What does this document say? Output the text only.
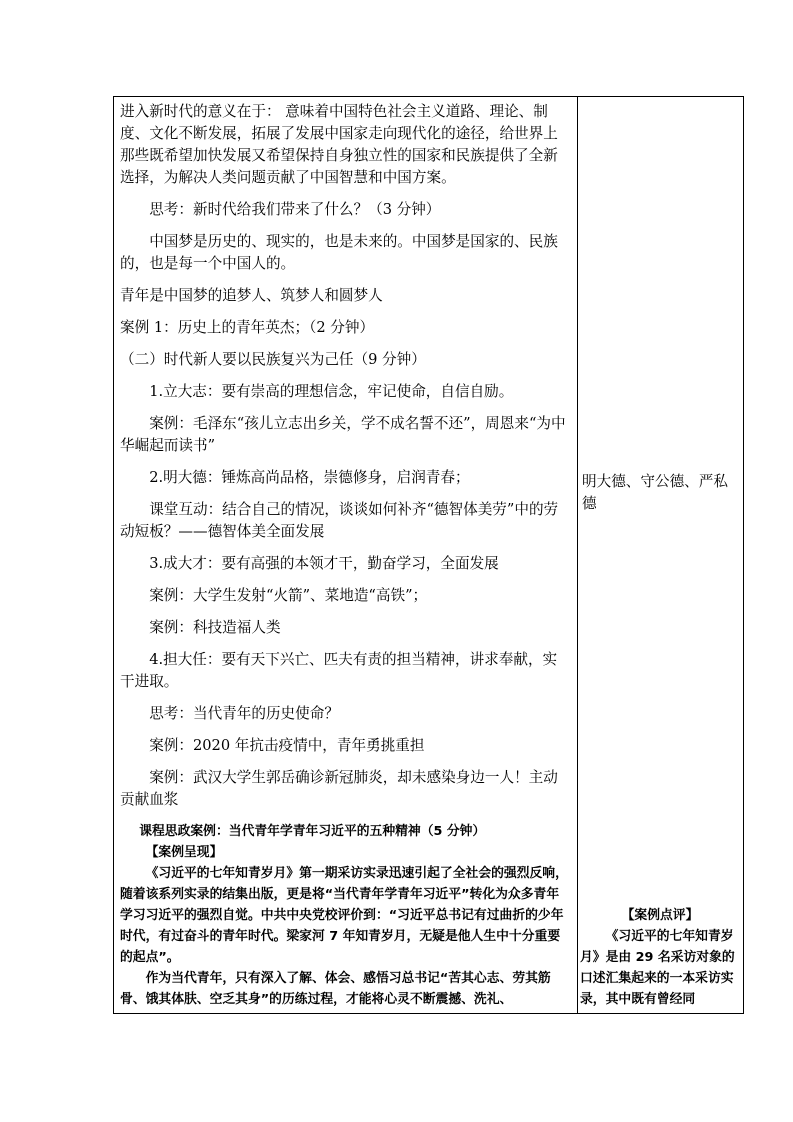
进入新时代的意义在于： 意味着中国特色社会主义道路、理论、制度、文化不断发展，拓展了发展中国家走向现代化的途径，给世界上那些既希望加快发展又希望保持自身独立性的国家和民族提供了全新选择，为解决人类问题贡献了中国智慧和中国方案。

思考：新时代给我们带来了什么？（3 分钟）

中国梦是历史的、现实的，也是未来的。中国梦是国家的、民族的，也是每一个中国人的。

青年是中国梦的追梦人、筑梦人和圆梦人

案例 1：历史上的青年英杰；（2 分钟）

（二）时代新人要以民族复兴为己任（9 分钟）

1.立大志：要有崇高的理想信念，牢记使命，自信自励。

案例：毛泽东“孩儿立志出乡关，学不成名誓不还”，周恩来“为中华崛起而读书”

2.明大德：锤炼高尚品格，崇德修身，启润青春；

课堂互动：结合自己的情况，谈谈如何补齐“德智体美劳”中的劳动短板？——德智体美全面发展

3.成大才：要有高强的本领才干，勤奋学习，全面发展

案例：大学生发射“火箭”、菜地造“高铁”；

案例：科技造福人类

4.担大任：要有天下兴亡、匹夫有责的担当精神，讲求奉献，实干进取。

思考：当代青年的历史使命？

案例：2020 年抗击疫情中，青年勇挑重担

案例：武汉大学生郭岳确诊新冠肺炎，却未感染身边一人！主动贡献血浆

课程思政案例：当代青年学青年习近平的五种精神（5 分钟）

【案例呈现】

《习近平的七年知青岁月》第一期采访实录迅速引起了全社会的强烈反响，随着该系列实录的结集出版，更是将“当代青年学青年习近平”转化为众多青年学习习近平的强烈自觉。中共中央党校评价到：“习近平总书记有过曲折的少年时代，有过奋斗的青年时代。梁家河 7 年知青岁月，无疑是他人生中十分重要的起点”。

作为当代青年，只有深入了解、体会、感悟习总书记“苦其心志、劳其筋骨、饿其体肤、空乏其身”的历练过程，才能将心灵不断震撼、洗礼、

明大德、守公德、严私德

【案例点评】

《习近平的七年知青岁月》是由 29 名采访对象的口述汇集起来的一本采访实录，其中既有曾经同
